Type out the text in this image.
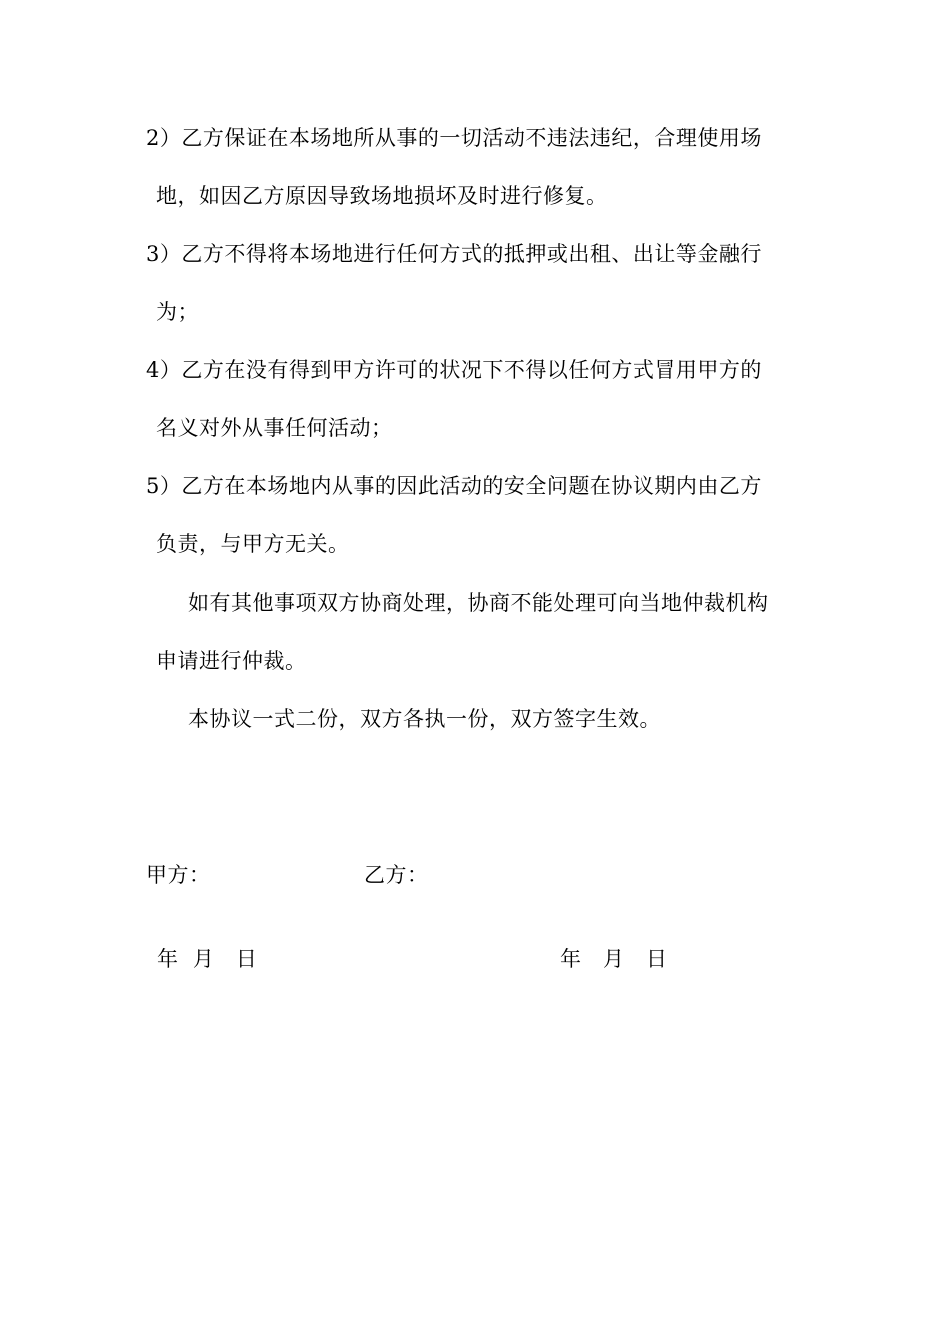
2）乙方保证在本场地所从事的一切活动不违法违纪，合理使用场
地，如因乙方原因导致场地损坏及时进行修复。
3）乙方不得将本场地进行任何方式的抵押或出租、出让等金融行
为；
4）乙方在没有得到甲方许可的状况下不得以任何方式冒用甲方的
名义对外从事任何活动；
5）乙方在本场地内从事的因此活动的安全问题在协议期内由乙方
负责，与甲方无关。
如有其他事项双方协商处理，协商不能处理可向当地仲裁机构
申请进行仲裁。
本协议一式二份，双方各执一份，双方签字生效。
甲方：	乙方：
年  月   日	年   月   日
